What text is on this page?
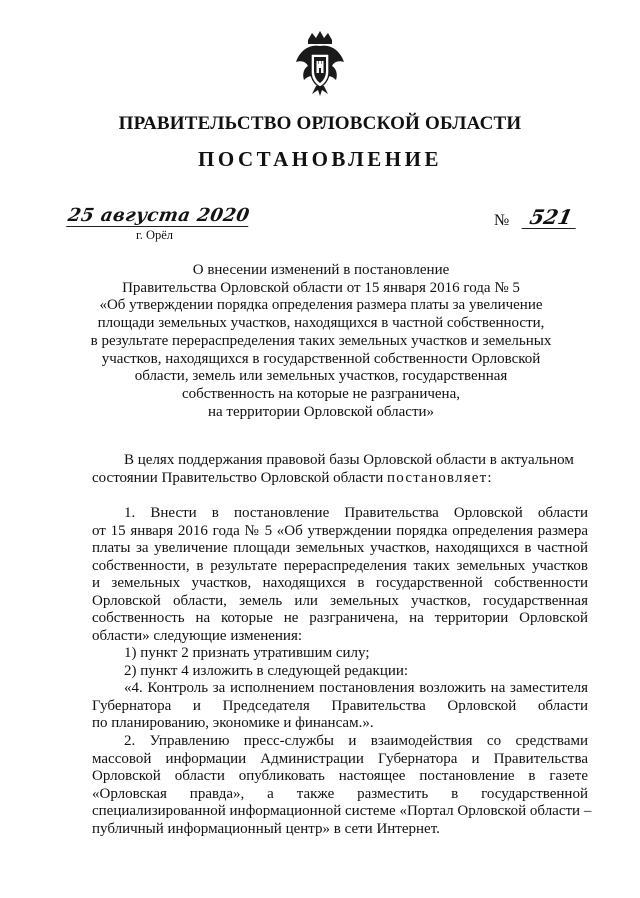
ПРАВИТЕЛЬСТВО ОРЛОВСКОЙ ОБЛАСТИ
ПОСТАНОВЛЕНИЕ
25 августа 2020
г. Орёл
№ 521
О внесении изменений в постановление
Правительства Орловской области от 15 января 2016 года № 5
«Об утверждении порядка определения размера платы за увеличение
площади земельных участков, находящихся в частной собственности,
в результате перераспределения таких земельных участков и земельных
участков, находящихся в государственной собственности Орловской
области, земель или земельных участков, государственная
собственность на которые не разграничена,
на территории Орловской области»
В целях поддержания правовой базы Орловской области в актуальном
состоянии Правительство Орловской области постановляет:
1. Внести в постановление Правительства Орловской области
от 15 января 2016 года № 5 «Об утверждении порядка определения размера
платы за увеличение площади земельных участков, находящихся в частной
собственности, в результате перераспределения таких земельных участков
и земельных участков, находящихся в государственной собственности
Орловской области, земель или земельных участков, государственная
собственность на которые не разграничена, на территории Орловской
области» следующие изменения:
1) пункт 2 признать утратившим силу;
2) пункт 4 изложить в следующей редакции:
«4. Контроль за исполнением постановления возложить на заместителя
Губернатора и Председателя Правительства Орловской области
по планированию, экономике и финансам.».
2. Управлению пресс-службы и взаимодействия со средствами
массовой информации Администрации Губернатора и Правительства
Орловской области опубликовать настоящее постановление в газете
«Орловская правда», а также разместить в государственной
специализированной информационной системе «Портал Орловской области –
публичный информационный центр» в сети Интернет.
